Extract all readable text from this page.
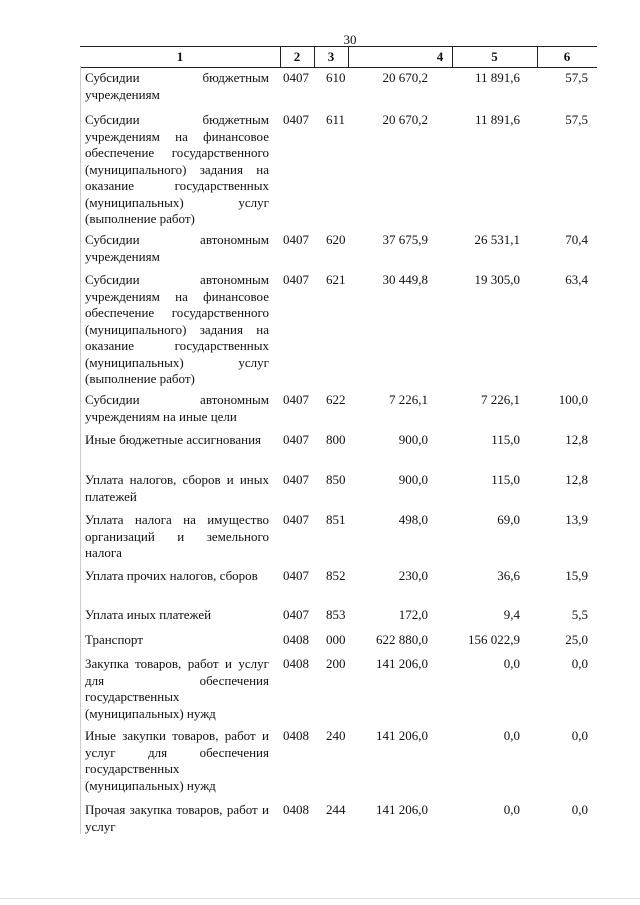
30
1	2	3	4	5	6
Субсидии бюджетным учреждениям
0407 610	20 670,2	11 891,6	57,5
Субсидии бюджетным учреждениям на финансовое обеспечение государственного (муниципального) задания на оказание государственных (муниципальных) услуг (выполнение работ)
0407 611	20 670,2	11 891,6	57,5
Субсидии автономным учреждениям
0407 620	37 675,9	26 531,1	70,4
Субсидии автономным учреждениям на финансовое обеспечение государственного (муниципального) задания на оказание государственных (муниципальных) услуг (выполнение работ)
0407 621	30 449,8	19 305,0	63,4
Субсидии автономным учреждениям на иные цели
0407 622	7 226,1	7 226,1	100,0
Иные бюджетные ассигнования	0407 800	900,0	115,0	12,8
Уплата налогов, сборов и иных платежей
0407 850	900,0	115,0	12,8
Уплата налога на имущество организаций и земельного налога
0407 851	498,0	69,0	13,9
Уплата прочих налогов, сборов	0407 852	230,0	36,6	15,9
Уплата иных платежей	0407 853	172,0	9,4	5,5
Транспорт	0408 000	622 880,0	156 022,9	25,0
Закупка товаров, работ и услуг для обеспечения государственных (муниципальных) нужд
0408 200	141 206,0	0,0	0,0
Иные закупки товаров, работ и услуг для обеспечения государственных (муниципальных) нужд
0408 240	141 206,0	0,0	0,0
Прочая закупка товаров, работ и услуг
0408 244	141 206,0	0,0	0,0
